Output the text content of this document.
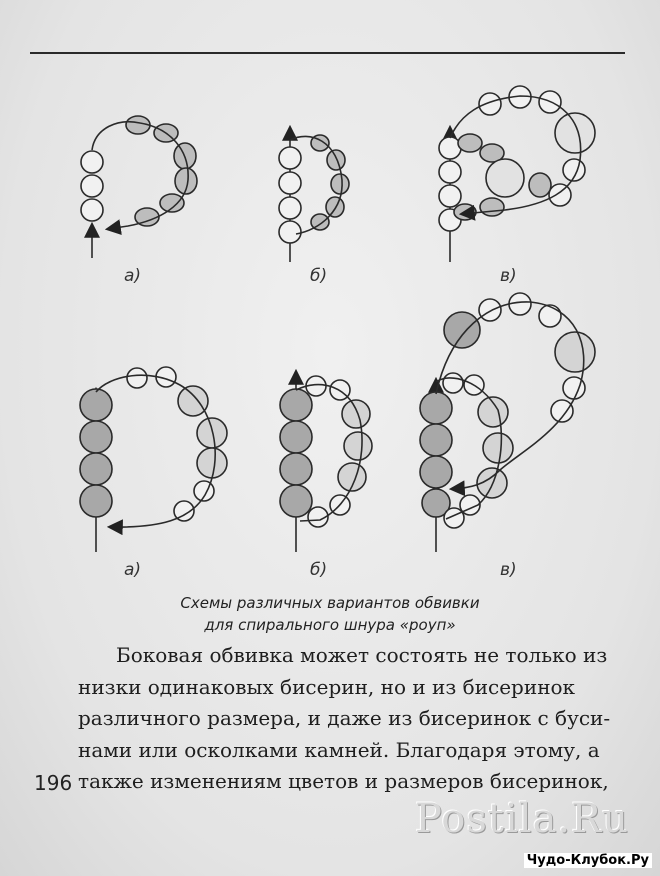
а)	б)	в)
а)	б)	в)
Схемы различных вариантов обвивки
для спирального шнура «роуп»
Боковая обвивка может состоять не только из
низки одинаковых бисерин, но и из бисеринок
различного размера, и даже из бисеринок с буси-
нами или осколками камней. Благодаря этому, а
также изменениям цветов и размеров бисеринок,
196
Postila.Ru
Чудо-Клубок.Ру
